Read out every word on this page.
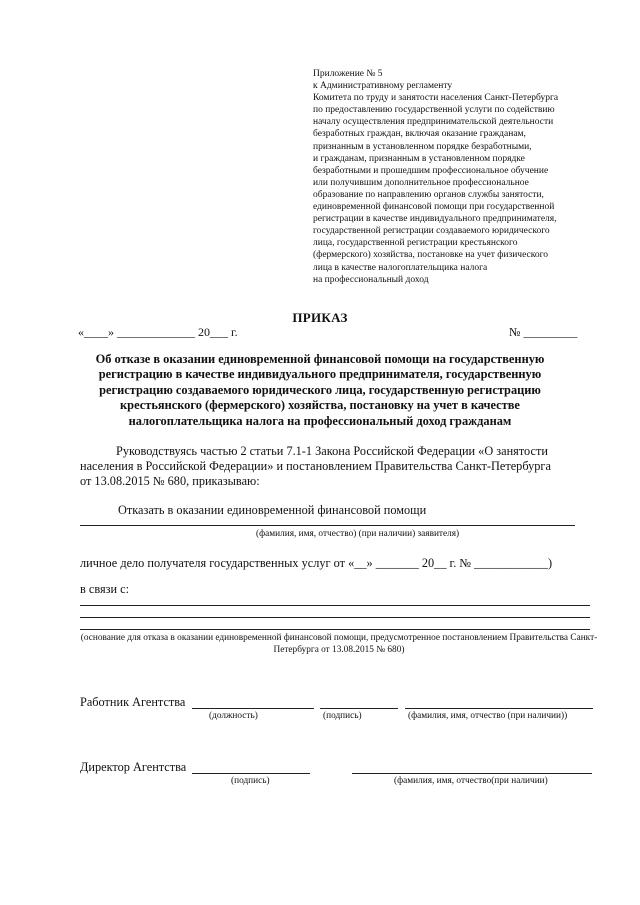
Приложение № 5
к Административному регламенту
Комитета по труду и занятости населения Санкт-Петербурга
по предоставлению государственной услуги по содействию
началу осуществления предпринимательской деятельности
безработных граждан, включая оказание гражданам,
признанным в установленном порядке безработными,
и гражданам, признанным в установленном порядке
безработными и прошедшим профессиональное обучение
или получившим дополнительное профессиональное
образование по направлению органов службы занятости,
единовременной финансовой помощи при государственной
регистрации в качестве индивидуального предпринимателя,
государственной регистрации создаваемого юридического
лица, государственной регистрации крестьянского
(фермерского) хозяйства, постановке на учет физического
лица в качестве налогоплательщика налога
на профессиональный доход
ПРИКАЗ
«____» _____________ 20___ г.	№ _________
Об отказе в оказании единовременной финансовой помощи на государственную
регистрацию в качестве индивидуального предпринимателя, государственную
регистрацию создаваемого юридического лица, государственную регистрацию
крестьянского (фермерского) хозяйства, постановку на учет в качестве
налогоплательщика налога на профессиональный доход гражданам
Руководствуясь частью 2 статьи 7.1-1 Закона Российской Федерации «О занятости
населения в Российской Федерации» и постановлением Правительства Санкт-Петербурга
от 13.08.2015 № 680, приказываю:
Отказать в оказании единовременной финансовой помощи
(фамилия, имя, отчество) (при наличии) заявителя)
личное дело получателя государственных услуг от «__» _______ 20__ г. № ____________)
в связи с:
(основание для отказа в оказании единовременной финансовой помощи, предусмотренное постановлением Правительства Санкт-Петербурга от 13.08.2015 № 680)
Работник Агентства
(должность)	(подпись)	(фамилия, имя, отчество (при наличии))
Директор Агентства
(подпись)	(фамилия, имя, отчество(при наличии)
